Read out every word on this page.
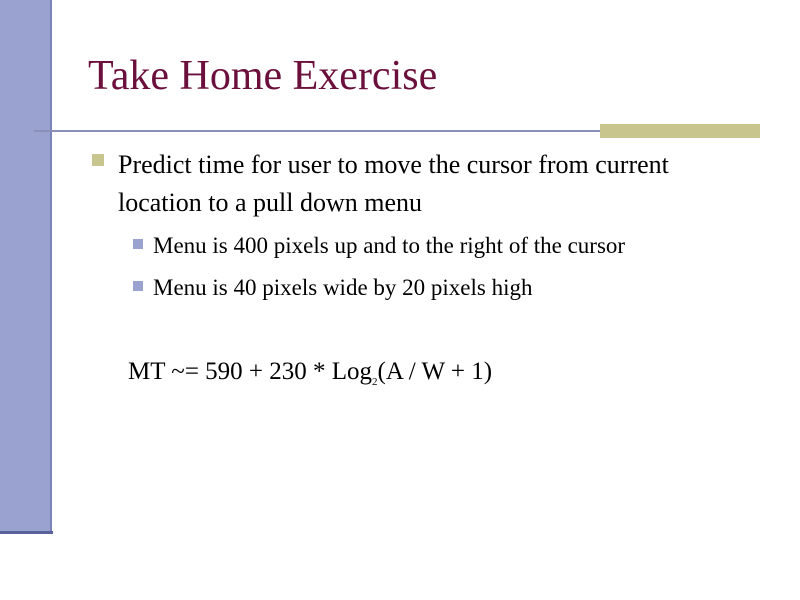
Take Home Exercise
Predict time for user to move the cursor from current location to a pull down menu
Menu is 400 pixels up and to the right of the cursor
Menu is 40 pixels wide by 20 pixels high
MT ~= 590 + 230 * Log$_2$(A / W + 1)
